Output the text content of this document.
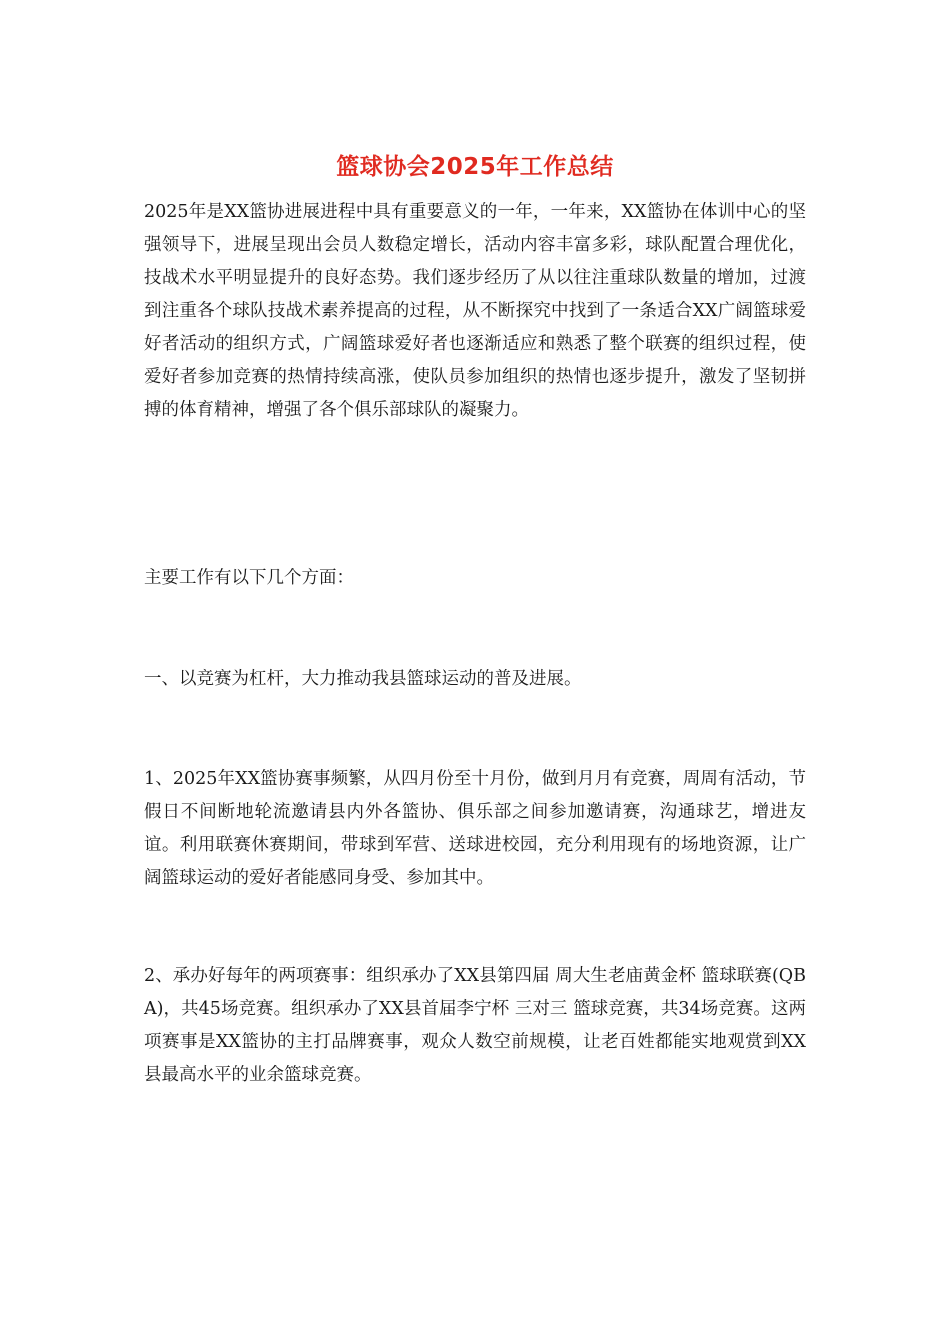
篮球协会2025年工作总结

2025年是XX篮协进展进程中具有重要意义的一年，一年来，XX篮协在体训中心的坚强领导下，进展呈现出会员人数稳定增长，活动内容丰富多彩，球队配置合理优化，技战术水平明显提升的良好态势。我们逐步经历了从以往注重球队数量的增加，过渡到注重各个球队技战术素养提高的过程，从不断探究中找到了一条适合XX广阔篮球爱好者活动的组织方式，广阔篮球爱好者也逐渐适应和熟悉了整个联赛的组织过程，使爱好者参加竞赛的热情持续高涨，使队员参加组织的热情也逐步提升，激发了坚韧拼搏的体育精神，增强了各个俱乐部球队的凝聚力。

主要工作有以下几个方面：

一、以竞赛为杠杆，大力推动我县篮球运动的普及进展。

1、2025年XX篮协赛事频繁，从四月份至十月份，做到月月有竞赛，周周有活动，节假日不间断地轮流邀请县内外各篮协、俱乐部之间参加邀请赛，沟通球艺，增进友谊。利用联赛休赛期间，带球到军营、送球进校园，充分利用现有的场地资源，让广阔篮球运动的爱好者能感同身受、参加其中。

2、承办好每年的两项赛事：组织承办了XX县第四届 周大生老庙黄金杯 篮球联赛(QBA)，共45场竞赛。组织承办了XX县首届李宁杯 三对三 篮球竞赛，共34场竞赛。这两项赛事是XX篮协的主打品牌赛事，观众人数空前规模，让老百姓都能实地观赏到XX县最高水平的业余篮球竞赛。
